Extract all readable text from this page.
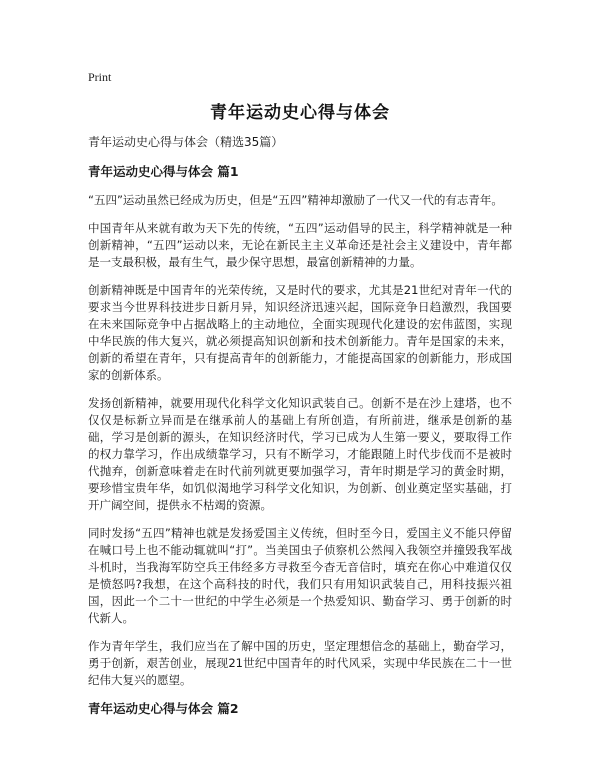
Print
青年运动史心得与体会

青年运动史心得与体会（精选35篇）

青年运动史心得与体会 篇1

“五四”运动虽然已经成为历史，但是“五四”精神却激励了一代又一代的有志青年。

中国青年从来就有敢为天下先的传统，“五四”运动倡导的民主，科学精神就是一种创新精神，“五四”运动以来，无论在新民主主义革命还是社会主义建设中，青年都是一支最积极，最有生气，最少保守思想，最富创新精神的力量。

创新精神既是中国青年的光荣传统，又是时代的要求，尤其是21世纪对青年一代的要求当今世界科技进步日新月异，知识经济迅速兴起，国际竞争日趋激烈，我国要在未来国际竞争中占据战略上的主动地位，全面实现现代化建设的宏伟蓝图，实现中华民族的伟大复兴，就必须提高知识创新和技术创新能力。青年是国家的未来，创新的希望在青年，只有提高青年的创新能力，才能提高国家的创新能力，形成国家的创新体系。

发扬创新精神，就要用现代化科学文化知识武装自己。创新不是在沙上建塔，也不仅仅是标新立异而是在继承前人的基础上有所创造，有所前进，继承是创新的基础，学习是创新的源头，在知识经济时代，学习已成为人生第一要义，要取得工作的权力靠学习，作出成绩靠学习，只有不断学习，才能跟随上时代步伐而不是被时代抛弃，创新意味着走在时代前列就更要加强学习，青年时期是学习的黄金时期，要珍惜宝贵年华，如饥似渴地学习科学文化知识，为创新、创业奠定坚实基础，打开广阔空间，提供永不枯竭的资源。

同时发扬“五四”精神也就是发扬爱国主义传统，但时至今日，爱国主义不能只停留在喊口号上也不能动辄就叫“打”。当美国虫子侦察机公然闯入我领空并撞毁我军战斗机时，当我海军防空兵王伟经多方寻救至今杳无音信时，填充在你心中难道仅仅是愤怒吗?我想，在这个高科技的时代，我们只有用知识武装自己，用科技振兴祖国，因此一个二十一世纪的中学生必须是一个热爱知识、勤奋学习、勇于创新的时代新人。

作为青年学生，我们应当在了解中国的历史，坚定理想信念的基础上，勤奋学习，勇于创新，艰苦创业，展现21世纪中国青年的时代风采，实现中华民族在二十一世纪伟大复兴的愿望。

青年运动史心得与体会 篇2
